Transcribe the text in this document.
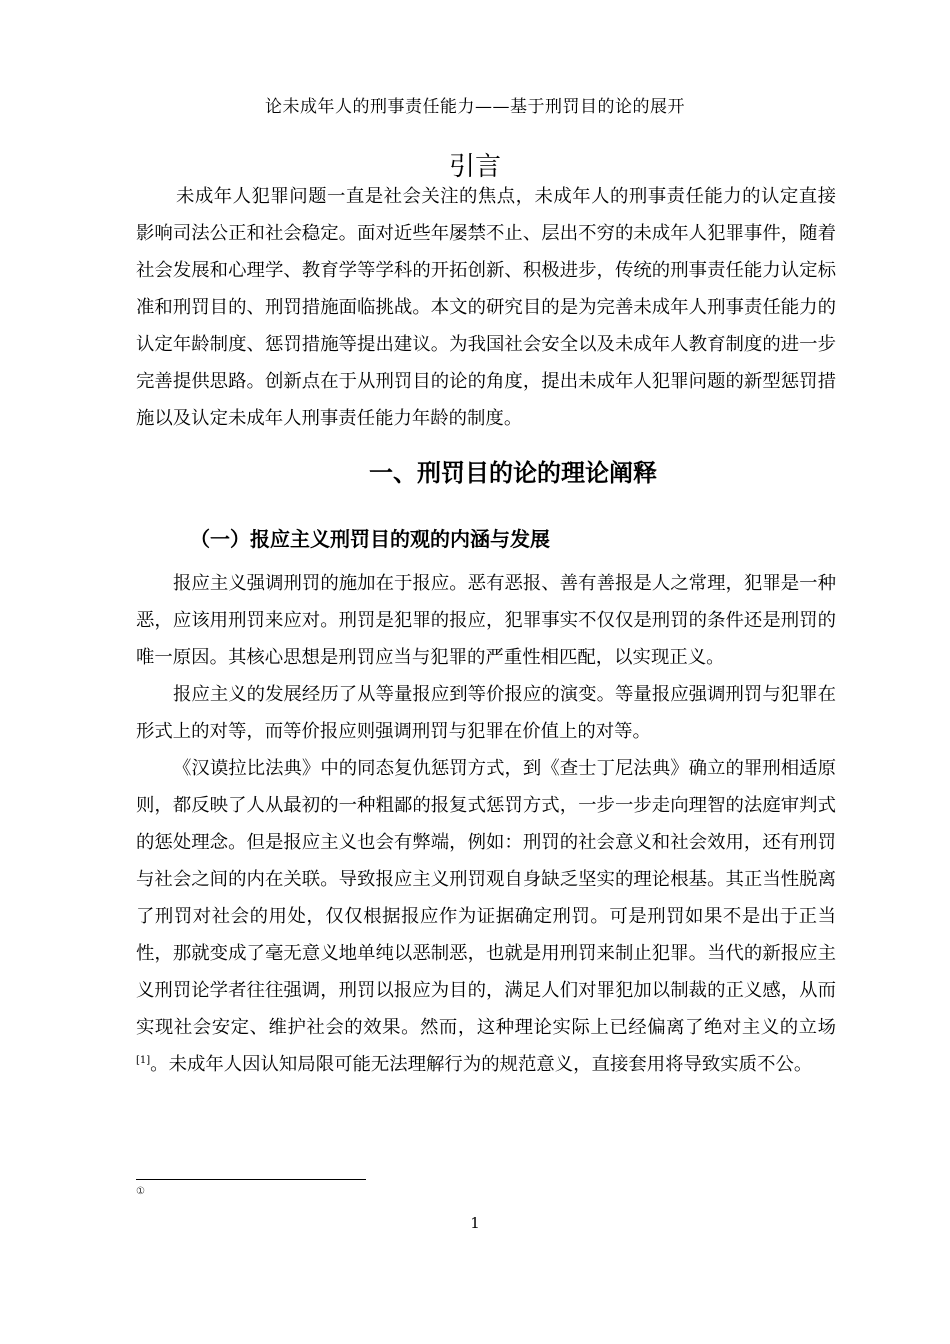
论未成年人的刑事责任能力——基于刑罚目的论的展开
引言

未成年人犯罪问题一直是社会关注的焦点，未成年人的刑事责任能力的认定直接影响司法公正和社会稳定。面对近些年屡禁不止、层出不穷的未成年人犯罪事件，随着社会发展和心理学、教育学等学科的开拓创新、积极进步，传统的刑事责任能力认定标准和刑罚目的、刑罚措施面临挑战。本文的研究目的是为完善未成年人刑事责任能力的认定年龄制度、惩罚措施等提出建议。为我国社会安全以及未成年人教育制度的进一步完善提供思路。创新点在于从刑罚目的论的角度，提出未成年人犯罪问题的新型惩罚措施以及认定未成年人刑事责任能力年龄的制度。

一、刑罚目的论的理论阐释
（一）报应主义刑罚目的观的内涵与发展

报应主义强调刑罚的施加在于报应。恶有恶报、善有善报是人之常理，犯罪是一种恶，应该用刑罚来应对。刑罚是犯罪的报应，犯罪事实不仅仅是刑罚的条件还是刑罚的唯一原因。其核心思想是刑罚应当与犯罪的严重性相匹配，以实现正义。

报应主义的发展经历了从等量报应到等价报应的演变。等量报应强调刑罚与犯罪在形式上的对等，而等价报应则强调刑罚与犯罪在价值上的对等。

《汉谟拉比法典》中的同态复仇惩罚方式，到《查士丁尼法典》确立的罪刑相适原则，都反映了人从最初的一种粗鄙的报复式惩罚方式，一步一步走向理智的法庭审判式的惩处理念。但是报应主义也会有弊端，例如：刑罚的社会意义和社会效用，还有刑罚与社会之间的内在关联。导致报应主义刑罚观自身缺乏坚实的理论根基。其正当性脱离了刑罚对社会的用处，仅仅根据报应作为证据确定刑罚。可是刑罚如果不是出于正当性，那就变成了毫无意义地单纯以恶制恶，也就是用刑罚来制止犯罪。当代的新报应主义刑罚论学者往往强调，刑罚以报应为目的，满足人们对罪犯加以制裁的正义感，从而实现社会安定、维护社会的效果。然而，这种理论实际上已经偏离了绝对主义的立场[1]。未成年人因认知局限可能无法理解行为的规范意义，直接套用将导致实质不公。

①
1
